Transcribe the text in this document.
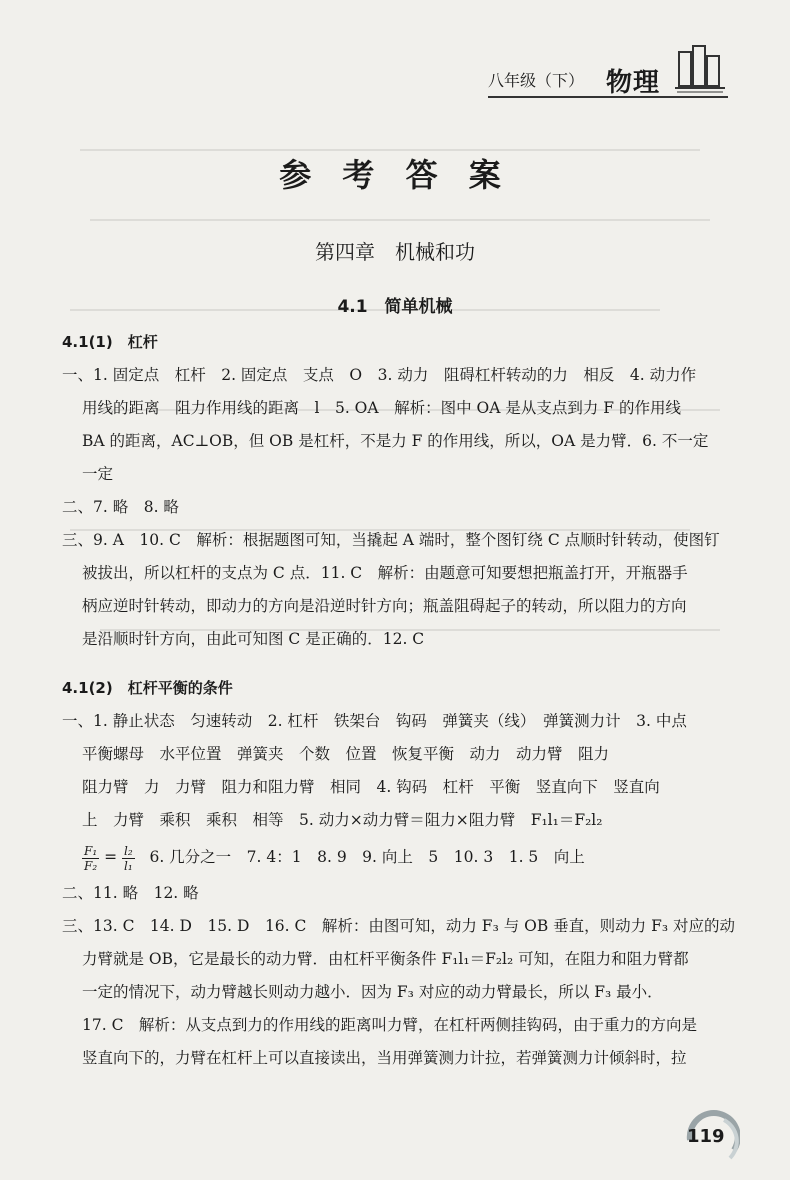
八年级（下） 物理
参 考 答 案
第四章　机械和功
4.1　简单机械
4.1(1)　杠杆
一、1. 固定点　杠杆　2. 固定点　支点　O　3. 动力　阻碍杠杆转动的力　相反　4. 动力作
用线的距离　阻力作用线的距离　l　5. OA　解析：图中 OA 是从支点到力 F 的作用线
BA 的距离，AC⊥OB，但 OB 是杠杆，不是力 F 的作用线，所以，OA 是力臂．6. 不一定
一定
二、7. 略　8. 略
三、9. A　10. C　解析：根据题图可知，当撬起 A 端时，整个图钉绕 C 点顺时针转动，使图钉
被拔出，所以杠杆的支点为 C 点．11. C　解析：由题意可知要想把瓶盖打开，开瓶器手
柄应逆时针转动，即动力的方向是沿逆时针方向；瓶盖阻碍起子的转动，所以阻力的方向
是沿顺时针方向，由此可知图 C 是正确的．12. C
4.1(2)　杠杆平衡的条件
一、1. 静止状态　匀速转动　2. 杠杆　铁架台　钩码　弹簧夹（线）　弹簧测力计　3. 中点
平衡螺母　水平位置　弹簧夹　个数　位置　恢复平衡　动力　动力臂　阻力
阻力臂　力　力臂　阻力和阻力臂　相同　4. 钩码　杠杆　平衡　竖直向下　竖直向
上　力臂　乘积　乘积　相等　5. 动力×动力臂＝阻力×阻力臂　F₁l₁＝F₂l₂
$\frac{\text{F₁}}{\text{F₂}} = \frac{\text{l₂}}{\text{l₁}} 6$. 几分之一　7. 4：1　8. 9　9. 向上　5　10. 3　1. 5　向上
二、11. 略　12. 略
三、13. C　14. D　15. D　16. C　解析：由图可知，动力 F₃ 与 OB 垂直，则动力 F₃ 对应的动
力臂就是 OB，它是最长的动力臂．由杠杆平衡条件 F₁l₁＝F₂l₂ 可知，在阻力和阻力臂都
一定的情况下，动力臂越长则动力越小．因为 F₃ 对应的动力臂最长，所以 F₃ 最小．
17. C　解析：从支点到力的作用线的距离叫力臂，在杠杆两侧挂钩码，由于重力的方向是
竖直向下的，力臂在杠杆上可以直接读出，当用弹簧测力计拉，若弹簧测力计倾斜时，拉
119
